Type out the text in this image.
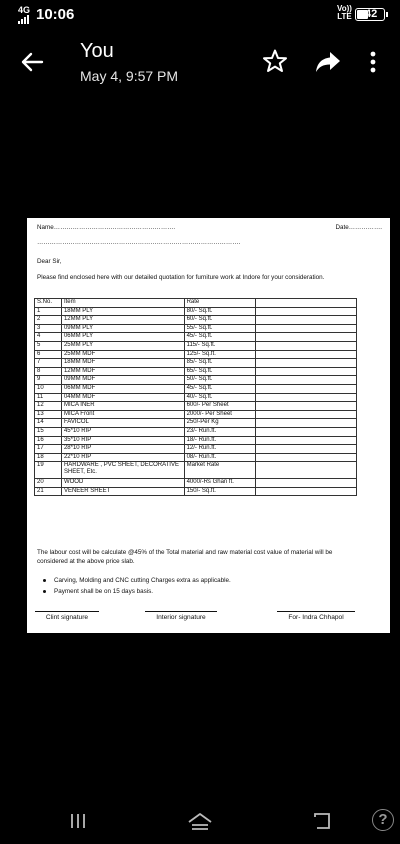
4G 10:06	Vo))
LTE 42
You
May 4, 9:57 PM
Name………………………………………………….	Date…………….
…………………………………………………………………………………….
Dear Sir,
Please find enclosed here with our detailed quotation for furniture work at Indore for your consideration.
S.No.	Item	Rate	
1	18MM PLY	80/- Sq.ft.	
2	12MM PLY	60/- Sq.ft.	
3	09MM PLY	55/- Sq.ft.	
4	06MM PLY	45/- Sq.ft.	
5	25MM PLY	115/- Sq.ft.	
6	25MM MDF	125/- Sq.ft.	
7	18MM MDF	85/- Sq.ft.	
8	12MM MDF	65/- Sq.ft.	
9	09MM MDF	50/- Sq.ft.	
10	06MM MDF	45/- Sq.ft.	
11	04MM MDF	40/- Sq.ft.	
12	MICA INER	600/- Per Sheet	
13	MICA Front	2000/- Per Sheet	
14	FAVICOL	250/-Per Kg	
15	45*10 RIP	23/- Run.ft.	
16	35*10 RIP	18/- Run.ft.	
17	28*10 RIP	12/- Run.ft.	
18	22*10 RIP	08/- Run.ft.	
19	HARDWARE , PVC SHEET, DECORATIVE SHEET, Etc.	Market Rate	
20	WOOD	4000/-Rs Ghan ft.	
21	VENEER SHEET	150/- Sq.ft.	
The labour cost will be calculate @45% of the Total material and raw material cost value of material will be considered at the above price slab.
Carving, Molding and CNC cutting Charges extra as applicable.
Payment shall be on 15 days basis.
Clint signature	Interior signature	For- Indra Chhapol
?
